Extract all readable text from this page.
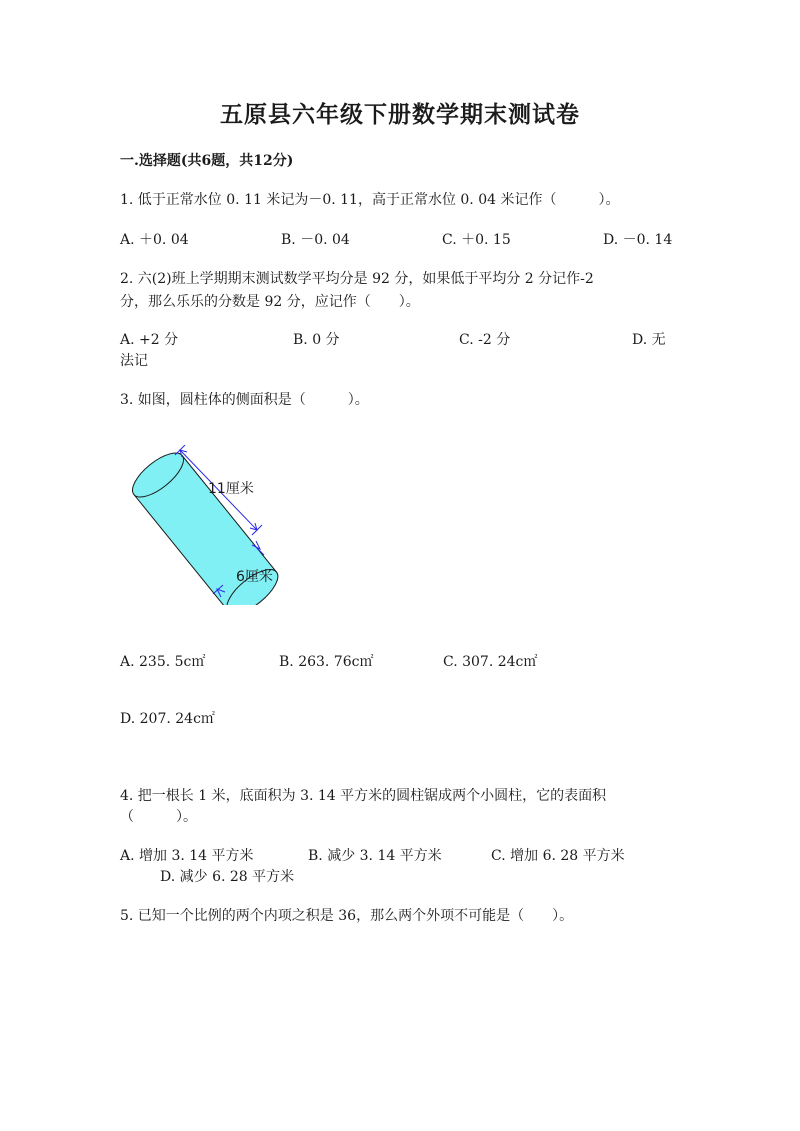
五原县六年级下册数学期末测试卷
一.选择题(共6题，共12分)
1. 低于正常水位 0. 11 米记为－0. 11，高于正常水位 0. 04 米记作（　　　）。
A. ＋0. 04	B. －0. 04	C. ＋0. 15	D. －0. 14
2. 六(2)班上学期期末测试数学平均分是 92 分，如果低于平均分 2 分记作-2
分，那么乐乐的分数是 92 分，应记作（　　）。
A. +2 分	B. 0 分	C. -2 分	D. 无
法记
3. 如图，圆柱体的侧面积是（　　　）。
11厘米
6厘米
A. 235. 5c㎡	B. 263. 76c㎡	C. 307. 24c㎡
D. 207. 24c㎡
4. 把一根长 1 米，底面积为 3. 14 平方米的圆柱锯成两个小圆柱，它的表面积
（　　　）。
A. 增加 3. 14 平方米	B. 减少 3. 14 平方米	C. 增加 6. 28 平方米
D. 减少 6. 28 平方米
5. 已知一个比例的两个内项之积是 36，那么两个外项不可能是（　　）。
